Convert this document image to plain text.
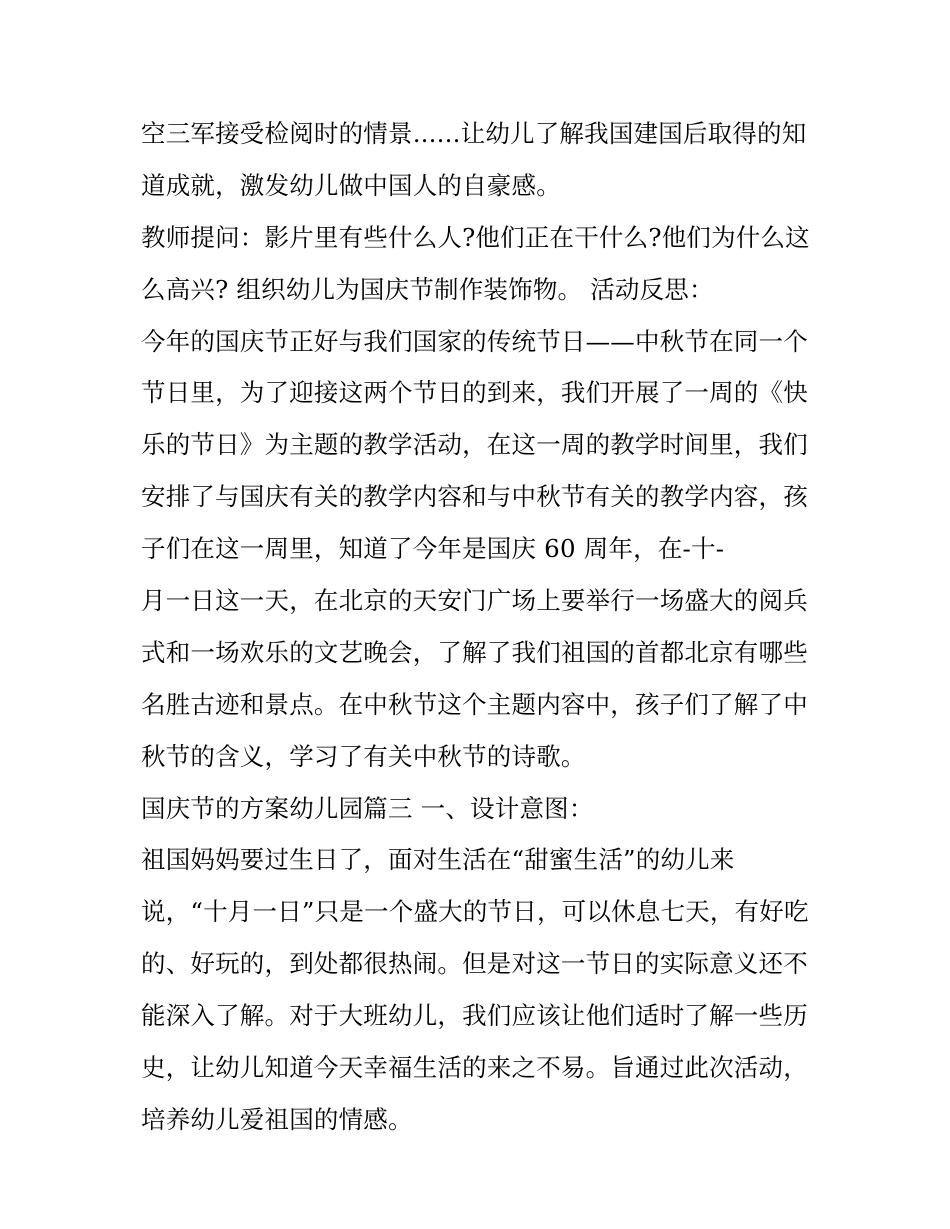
空三军接受检阅时的情景......让幼儿了解我国建国后取得的知
道成就，激发幼儿做中国人的自豪感。
教师提问：影片里有些什么人?他们正在干什么?他们为什么这
么高兴? 组织幼儿为国庆节制作装饰物。 活动反思：
今年的国庆节正好与我们国家的传统节日——中秋节在同一个
节日里，为了迎接这两个节日的到来，我们开展了一周的《快
乐的节日》为主题的教学活动，在这一周的教学时间里，我们
安排了与国庆有关的教学内容和与中秋节有关的教学内容，孩
子们在这一周里，知道了今年是国庆 60 周年，在-十-
月一日这一天，在北京的天安门广场上要举行一场盛大的阅兵
式和一场欢乐的文艺晚会，了解了我们祖国的首都北京有哪些
名胜古迹和景点。在中秋节这个主题内容中，孩子们了解了中
秋节的含义，学习了有关中秋节的诗歌。
国庆节的方案幼儿园篇三 一、设计意图：
祖国妈妈要过生日了，面对生活在“甜蜜生活”的幼儿来
说，“十月一日”只是一个盛大的节日，可以休息七天，有好吃
的、好玩的，到处都很热闹。但是对这一节日的实际意义还不
能深入了解。对于大班幼儿，我们应该让他们适时了解一些历
史，让幼儿知道今天幸福生活的来之不易。旨通过此次活动，
培养幼儿爱祖国的情感。
